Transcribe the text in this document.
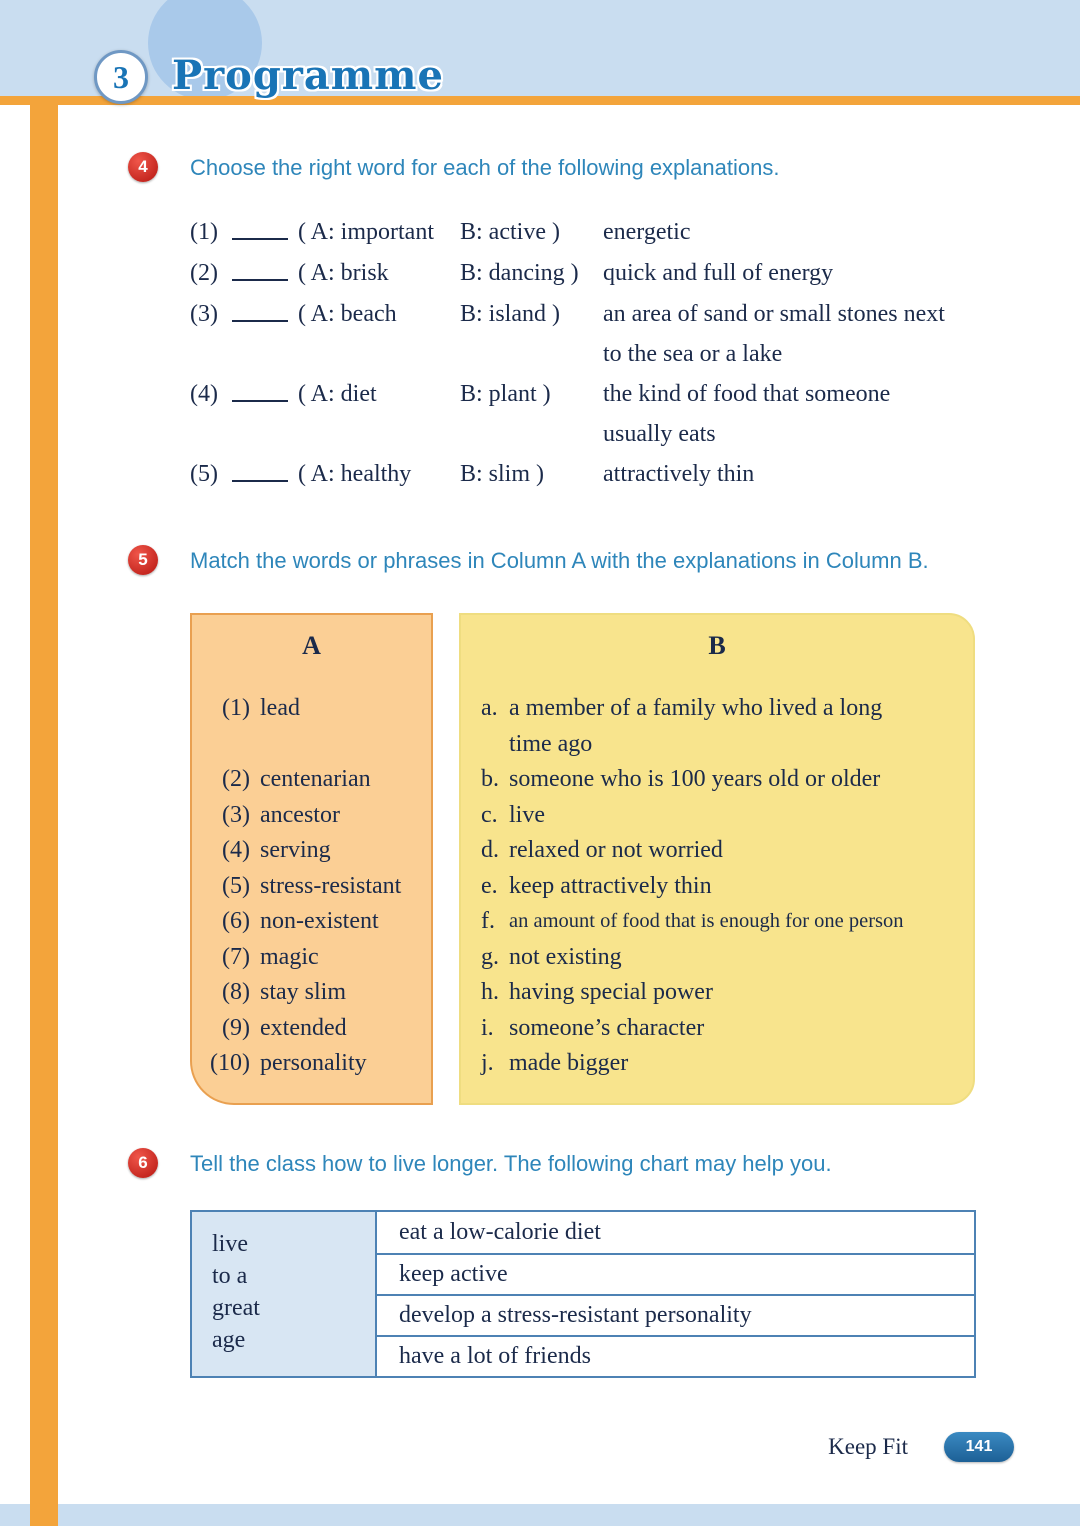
3 Programme
4	Choose the right word for each of the following explanations.
(1)	( A: important	B: active )	energetic
(2)	( A: brisk	B: dancing )	quick and full of energy
(3)	( A: beach	B: island )	an area of sand or small stones next
to the sea or a lake
(4)	( A: diet	B: plant )	the kind of food that someone
usually eats
(5)	( A: healthy	B: slim )	attractively thin
5	Match the words or phrases in Column A with the explanations in Column B.
A
(1) lead
(2) centenarian
(3) ancestor
(4) serving
(5) stress-resistant
(6) non-existent
(7) magic
(8) stay slim
(9) extended
(10) personality
B
a. a member of a family who lived a long
time ago
b. someone who is 100 years old or older
c. live
d. relaxed or not worried
e. keep attractively thin
f. an amount of food that is enough for one person
g. not existing
h. having special power
i. someone’s character
j. made bigger
6	Tell the class how to live longer. The following chart may help you.
live
to a
great
age
eat a low-calorie diet
keep active
develop a stress-resistant personality
have a lot of friends
Keep Fit	141
